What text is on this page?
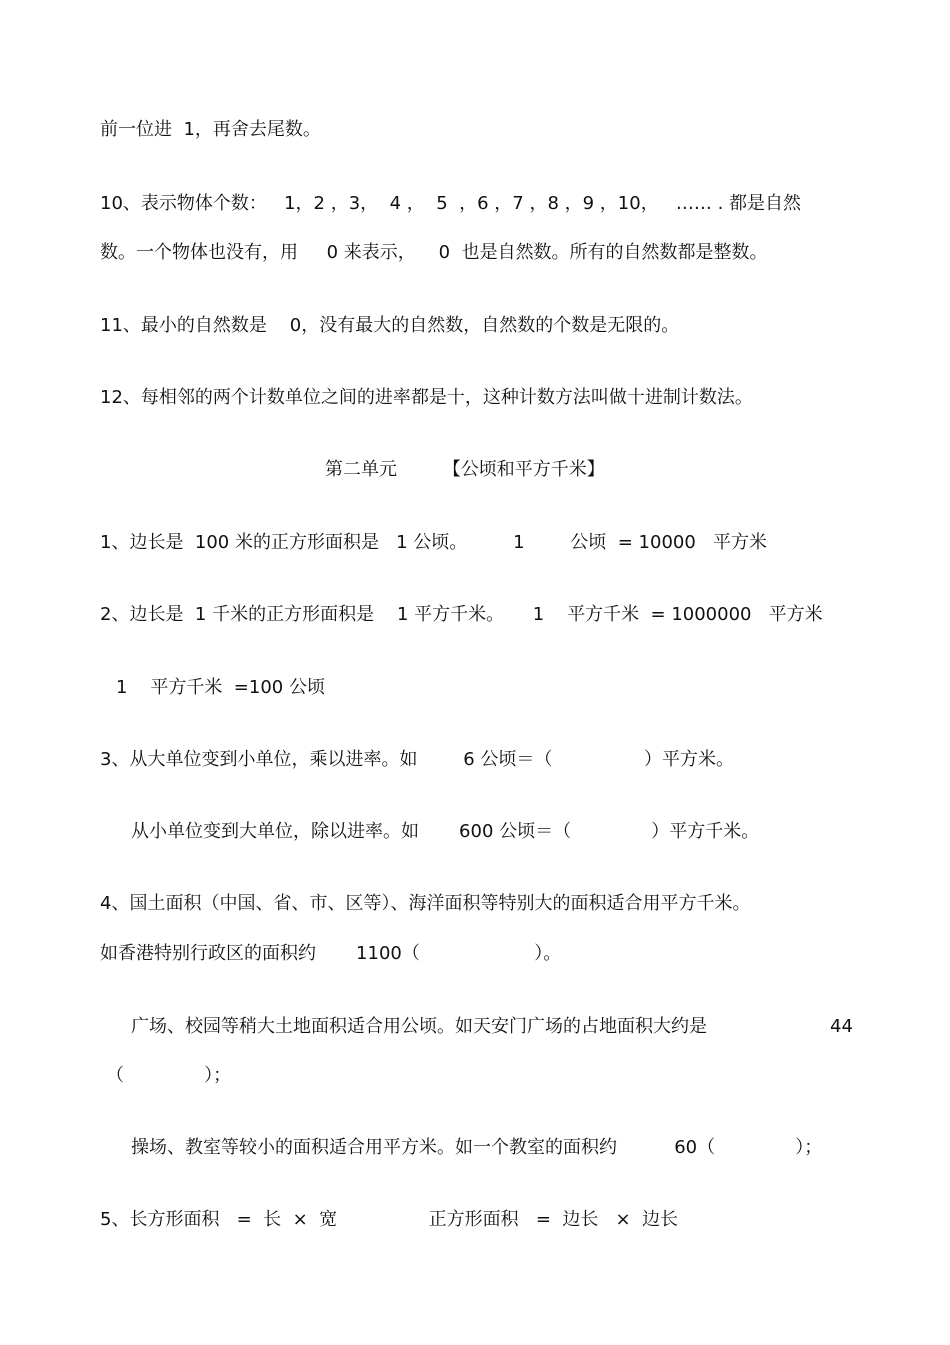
前一位进  1，再舍去尾数。

10、表示物体个数：   1，2 ，3，  4 ，  5  ，6 ，7 ，8 ，9 ，10，   …… . 都是自然

数。一个物体也没有，用     0 来表示，    0  也是自然数。所有的自然数都是整数。

11、最小的自然数是    0，没有最大的自然数，自然数的个数是无限的。

12、每相邻的两个计数单位之间的进率都是十，这种计数方法叫做十进制计数法。

第二单元        【公顷和平方千米】

1、边长是  100 米的正方形面积是   1 公顷。        1        公顷  = 10000   平方米

2、边长是  1 千米的正方形面积是    1 平方千米。     1    平方千米  = 1000000   平方米

1    平方千米  =100 公顷

3、从大单位变到小单位，乘以进率。如        6 公顷＝（                ）平方米。

从小单位变到大单位，除以进率。如       600 公顷＝（              ）平方千米。

4、国土面积（中国、省、市、区等）、海洋面积等特别大的面积适合用平方千米。

如香港特别行政区的面积约       1100（                    ）。

广场、校园等稍大土地面积适合用公顷。如天安门广场的占地面积大约是	44

（              ）；

操场、教室等较小的面积适合用平方米。如一个教室的面积约          60（              ）；

5、长方形面积   =  长  ×  宽                正方形面积   =  边长   ×  边长
